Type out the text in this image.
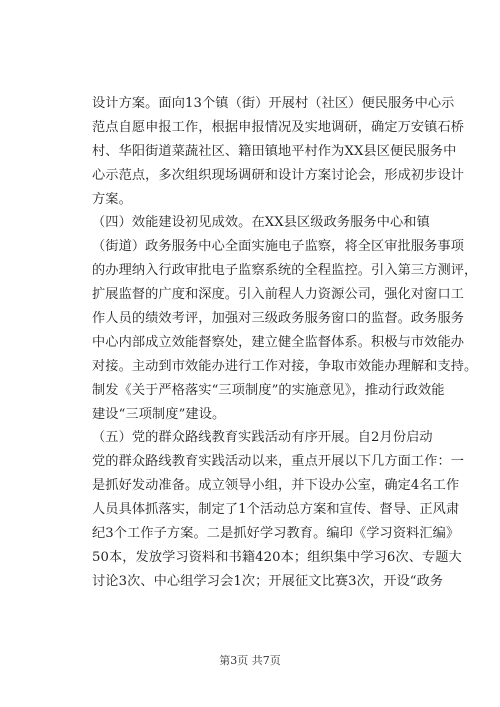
设计方案。面向13个镇（街）开展村（社区）便民服务中心示
范点自愿申报工作，根据申报情况及实地调研，确定万安镇石桥
村、华阳街道菜蔬社区、籍田镇地平村作为XX县区便民服务中
心示范点，多次组织现场调研和设计方案讨论会，形成初步设计
方案。
（四）效能建设初见成效。在XX县区级政务服务中心和镇
（街道）政务服务中心全面实施电子监察，将全区审批服务事项
的办理纳入行政审批电子监察系统的全程监控。引入第三方测评，
扩展监督的广度和深度。引入前程人力资源公司，强化对窗口工
作人员的绩效考评，加强对三级政务服务窗口的监督。政务服务
中心内部成立效能督察处，建立健全监督体系。积极与市效能办
对接。主动到市效能办进行工作对接，争取市效能办理解和支持。
制发《关于严格落实“三项制度”的实施意见》，推动行政效能
建设“三项制度”建设。
（五）党的群众路线教育实践活动有序开展。自2月份启动
党的群众路线教育实践活动以来，重点开展以下几方面工作：一
是抓好发动准备。成立领导小组，并下设办公室，确定4名工作
人员具体抓落实，制定了1个活动总方案和宣传、督导、正风肃
纪3个工作子方案。二是抓好学习教育。编印《学习资料汇编》
50本，发放学习资料和书籍420本；组织集中学习6次、专题大
讨论3次、中心组学习会1次；开展征文比赛3次，开设“政务
第3页 共7页
